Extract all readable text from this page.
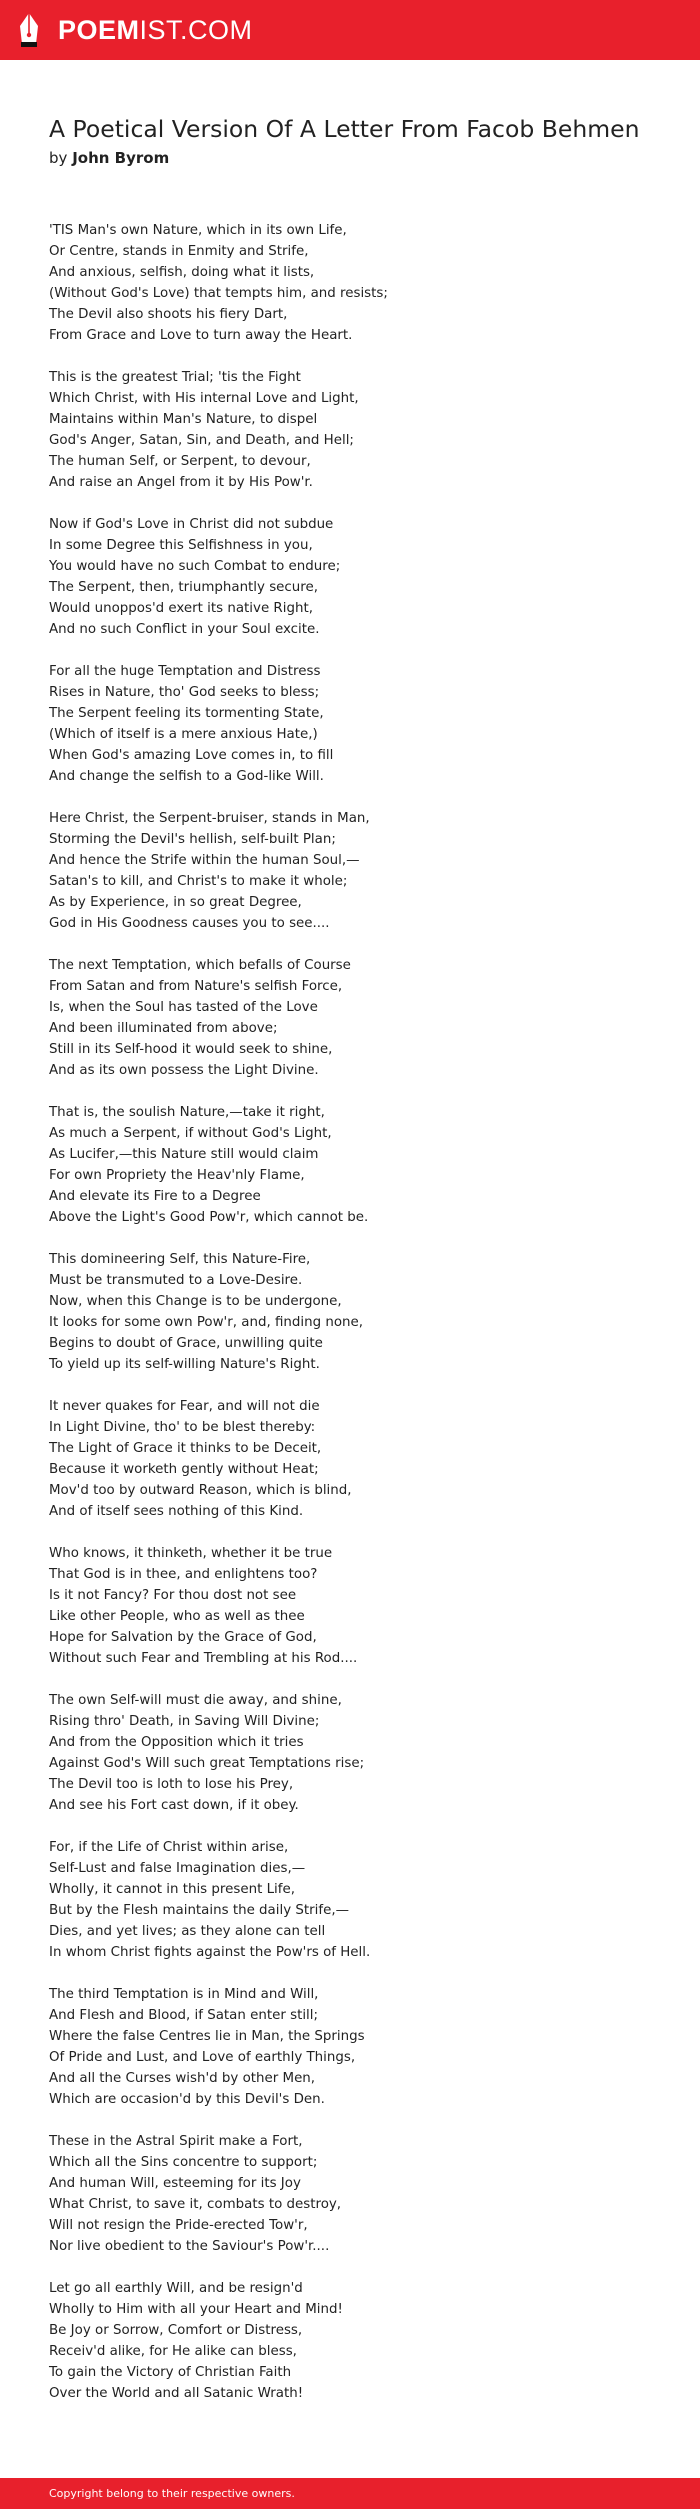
POEMIST.COM
A Poetical Version Of A Letter From Facob Behmen
by John Byrom
'TIS Man's own Nature, which in its own Life,
Or Centre, stands in Enmity and Strife,
And anxious, selfish, doing what it lists,
(Without God's Love) that tempts him, and resists;
The Devil also shoots his fiery Dart,
From Grace and Love to turn away the Heart.
This is the greatest Trial; 'tis the Fight
Which Christ, with His internal Love and Light,
Maintains within Man's Nature, to dispel
God's Anger, Satan, Sin, and Death, and Hell;
The human Self, or Serpent, to devour,
And raise an Angel from it by His Pow'r.
Now if God's Love in Christ did not subdue
In some Degree this Selfishness in you,
You would have no such Combat to endure;
The Serpent, then, triumphantly secure,
Would unoppos'd exert its native Right,
And no such Conflict in your Soul excite.
For all the huge Temptation and Distress
Rises in Nature, tho' God seeks to bless;
The Serpent feeling its tormenting State,
(Which of itself is a mere anxious Hate,)
When God's amazing Love comes in, to fill
And change the selfish to a God-like Will.
Here Christ, the Serpent-bruiser, stands in Man,
Storming the Devil's hellish, self-built Plan;
And hence the Strife within the human Soul,—
Satan's to kill, and Christ's to make it whole;
As by Experience, in so great Degree,
God in His Goodness causes you to see....
The next Temptation, which befalls of Course
From Satan and from Nature's selfish Force,
Is, when the Soul has tasted of the Love
And been illuminated from above;
Still in its Self-hood it would seek to shine,
And as its own possess the Light Divine.
That is, the soulish Nature,—take it right,
As much a Serpent, if without God's Light,
As Lucifer,—this Nature still would claim
For own Propriety the Heav'nly Flame,
And elevate its Fire to a Degree
Above the Light's Good Pow'r, which cannot be.
This domineering Self, this Nature-Fire,
Must be transmuted to a Love-Desire.
Now, when this Change is to be undergone,
It looks for some own Pow'r, and, finding none,
Begins to doubt of Grace, unwilling quite
To yield up its self-willing Nature's Right.
It never quakes for Fear, and will not die
In Light Divine, tho' to be blest thereby:
The Light of Grace it thinks to be Deceit,
Because it worketh gently without Heat;
Mov'd too by outward Reason, which is blind,
And of itself sees nothing of this Kind.
Who knows, it thinketh, whether it be true
That God is in thee, and enlightens too?
Is it not Fancy? For thou dost not see
Like other People, who as well as thee
Hope for Salvation by the Grace of God,
Without such Fear and Trembling at his Rod....
The own Self-will must die away, and shine,
Rising thro' Death, in Saving Will Divine;
And from the Opposition which it tries
Against God's Will such great Temptations rise;
The Devil too is loth to lose his Prey,
And see his Fort cast down, if it obey.
For, if the Life of Christ within arise,
Self-Lust and false Imagination dies,—
Wholly, it cannot in this present Life,
But by the Flesh maintains the daily Strife,—
Dies, and yet lives; as they alone can tell
In whom Christ fights against the Pow'rs of Hell.
The third Temptation is in Mind and Will,
And Flesh and Blood, if Satan enter still;
Where the false Centres lie in Man, the Springs
Of Pride and Lust, and Love of earthly Things,
And all the Curses wish'd by other Men,
Which are occasion'd by this Devil's Den.
These in the Astral Spirit make a Fort,
Which all the Sins concentre to support;
And human Will, esteeming for its Joy
What Christ, to save it, combats to destroy,
Will not resign the Pride-erected Tow'r,
Nor live obedient to the Saviour's Pow'r....
Let go all earthly Will, and be resign'd
Wholly to Him with all your Heart and Mind!
Be Joy or Sorrow, Comfort or Distress,
Receiv'd alike, for He alike can bless,
To gain the Victory of Christian Faith
Over the World and all Satanic Wrath!
Copyright belong to their respective owners.
